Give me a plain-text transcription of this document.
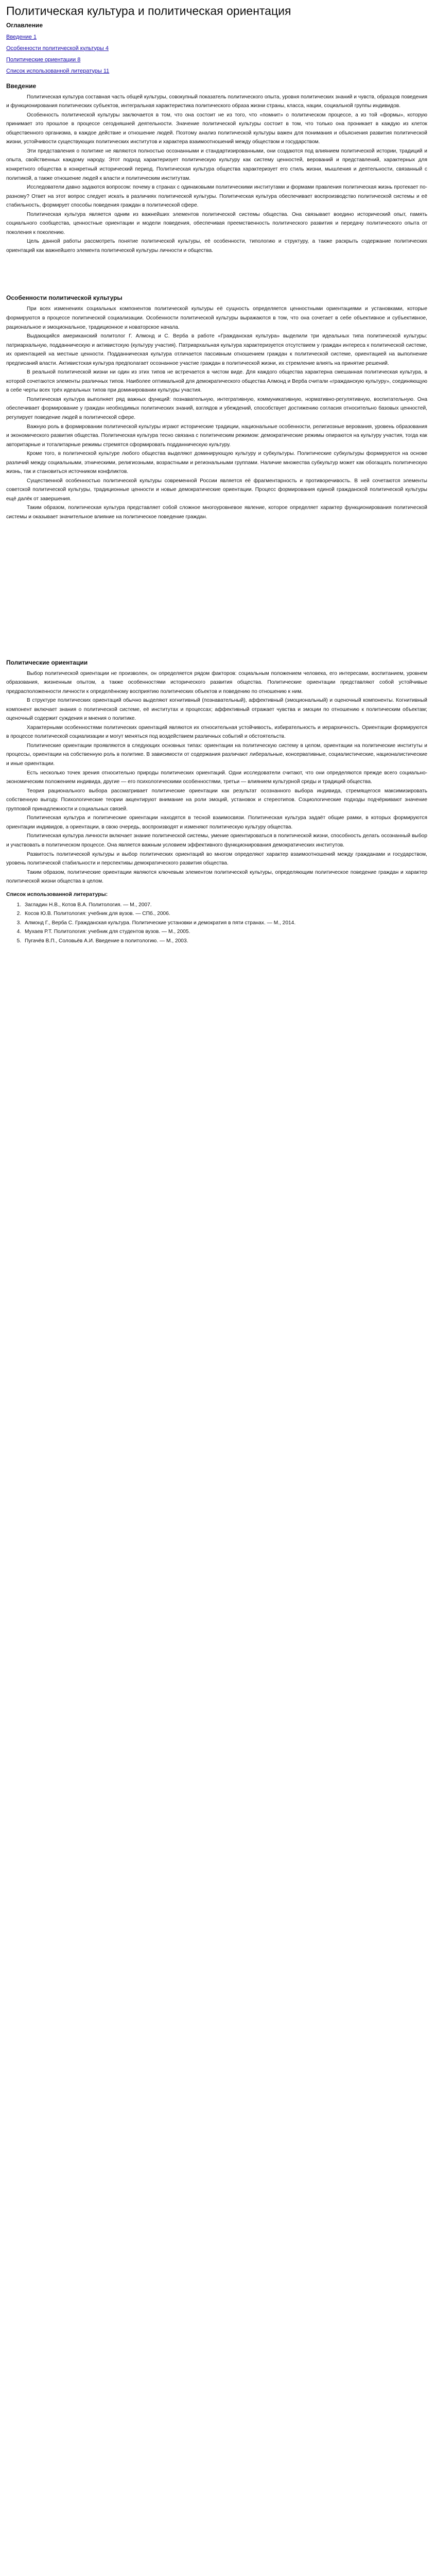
Политическая культура и политическая ориентация
Оглавление
Введение 1
Особенности политической культуры 4
Политические ориентации 8
Список использованной литературы 11
Введение

Политическая культура составная часть общей культуры, совокупный показатель политического опыта, уровня политических знаний и чувств, образцов поведения и функционирования политических субъектов, интегральная характеристика политического образа жизни страны, класса, нации, социальной группы индивидов.

Особенность политической культуры заключается в том, что она состоит не из того, что «помнит» о политическом процессе, а из той «формы», которую принимает это прошлое в процессе сегодняшней деятельности. Значение политической культуры состоит в том, что только она проникает в каждую из клеток общественного организма, в каждое действие и отношение людей. Поэтому анализ политической культуры важен для понимания и объяснения развития политической жизни, устойчивости существующих политических институтов и характера взаимоотношений между обществом и государством.

Эти представления о политике не являются полностью осознанными и стандартизированными, они создаются под влиянием политической истории, традиций и опыта, свойственных каждому народу. Этот подход характеризует политическую культуру как систему ценностей, верований и представлений, характерных для конкретного общества в конкретный исторический период. Политическая культура общества характеризует его стиль жизни, мышления и деятельности, связанный с политикой, а также отношение людей к власти и политическим институтам.

Исследователи давно задаются вопросом: почему в странах с одинаковыми политическими институтами и формами правления политическая жизнь протекает по-разному? Ответ на этот вопрос следует искать в различиях политической культуры. Политическая культура обеспечивает воспроизводство политической системы и её стабильность, формирует способы поведения граждан в политической сфере.

Политическая культура является одним из важнейших элементов политической системы общества. Она связывает воедино исторический опыт, память социального сообщества, ценностные ориентации и модели поведения, обеспечивая преемственность политического развития и передачу политического опыта от поколения к поколению.

Цель данной работы рассмотреть понятие политической культуры, её особенности, типологию и структуру, а также раскрыть содержание политических ориентаций как важнейшего элемента политической культуры личности и общества.

Особенности политической культуры

При всех изменениях социальных компонентов политической культуры её сущность определяется ценностными ориентациями и установками, которые формируются в процессе политической социализации. Особенности политической культуры выражаются в том, что она сочетает в себе объективное и субъективное, рациональное и эмоциональное, традиционное и новаторское начала.

Выдающийся американский политолог Г. Алмонд и С. Верба в работе «Гражданская культура» выделили три идеальных типа политической культуры: патриархальную, подданническую и активистскую (культуру участия). Патриархальная культура характеризуется отсутствием у граждан интереса к политической системе, их ориентацией на местные ценности. Подданническая культура отличается пассивным отношением граждан к политической системе, ориентацией на выполнение предписаний власти. Активистская культура предполагает осознанное участие граждан в политической жизни, их стремление влиять на принятие решений.

В реальной политической жизни ни один из этих типов не встречается в чистом виде. Для каждого общества характерна смешанная политическая культура, в которой сочетаются элементы различных типов. Наиболее оптимальной для демократического общества Алмонд и Верба считали «гражданскую культуру», соединяющую в себе черты всех трёх идеальных типов при доминировании культуры участия.

Политическая культура выполняет ряд важных функций: познавательную, интегративную, коммуникативную, нормативно-регулятивную, воспитательную. Она обеспечивает формирование у граждан необходимых политических знаний, взглядов и убеждений, способствует достижению согласия относительно базовых ценностей, регулирует поведение людей в политической сфере.

Важную роль в формировании политической культуры играют исторические традиции, национальные особенности, религиозные верования, уровень образования и экономического развития общества. Политическая культура тесно связана с политическим режимом: демократические режимы опираются на культуру участия, тогда как авторитарные и тоталитарные режимы стремятся сформировать подданническую культуру.

Кроме того, в политической культуре любого общества выделяют доминирующую культуру и субкультуры. Политические субкультуры формируются на основе различий между социальными, этническими, религиозными, возрастными и региональными группами. Наличие множества субкультур может как обогащать политическую жизнь, так и становиться источником конфликтов.

Существенной особенностью политической культуры современной России является её фрагментарность и противоречивость. В ней сочетаются элементы советской политической культуры, традиционные ценности и новые демократические ориентации. Процесс формирования единой гражданской политической культуры ещё далёк от завершения.

Таким образом, политическая культура представляет собой сложное многоуровневое явление, которое определяет характер функционирования политической системы и оказывает значительное влияние на политическое поведение граждан.

Политические ориентации

Выбор политической ориентации не произволен, он определяется рядом факторов: социальным положением человека, его интересами, воспитанием, уровнем образования, жизненным опытом, а также особенностями исторического развития общества. Политические ориентации представляют собой устойчивые предрасположенности личности к определённому восприятию политических объектов и поведению по отношению к ним.

В структуре политических ориентаций обычно выделяют когнитивный (познавательный), аффективный (эмоциональный) и оценочный компоненты. Когнитивный компонент включает знания о политической системе, её институтах и процессах; аффективный отражает чувства и эмоции по отношению к политическим объектам; оценочный содержит суждения и мнения о политике.

Характерными особенностями политических ориентаций являются их относительная устойчивость, избирательность и иерархичность. Ориентации формируются в процессе политической социализации и могут меняться под воздействием различных событий и обстоятельств.

Политические ориентации проявляются в следующих основных типах: ориентации на политическую систему в целом, ориентации на политические институты и процессы, ориентации на собственную роль в политике. В зависимости от содержания различают либеральные, консервативные, социалистические, националистические и иные ориентации.

Есть несколько точек зрения относительно природы политических ориентаций. Одни исследователи считают, что они определяются прежде всего социально-экономическим положением индивида, другие — его психологическими особенностями, третьи — влиянием культурной среды и традиций общества.

Теория рационального выбора рассматривает политические ориентации как результат осознанного выбора индивида, стремящегося максимизировать собственную выгоду. Психологические теории акцентируют внимание на роли эмоций, установок и стереотипов. Социологические подходы подчёркивают значение групповой принадлежности и социальных связей.

Политическая культура и политические ориентации находятся в тесной взаимосвязи. Политическая культура задаёт общие рамки, в которых формируются ориентации индивидов, а ориентации, в свою очередь, воспроизводят и изменяют политическую культуру общества.

Политическая культура личности включает знание политической системы, умение ориентироваться в политической жизни, способность делать осознанный выбор и участвовать в политическом процессе. Она является важным условием эффективного функционирования демократических институтов.

Развитость политической культуры и выбор политических ориентаций во многом определяют характер взаимоотношений между гражданами и государством, уровень политической стабильности и перспективы демократического развития общества.

Таким образом, политические ориентации являются ключевым элементом политической культуры, определяющим политическое поведение граждан и характер политической жизни общества в целом.

Список использованной литературы:
1. Загладин Н.В., Котов В.А. Политология. — М., 2007.
2. Косов Ю.В. Политология: учебник для вузов. — СПб., 2006.
3. Алмонд Г., Верба С. Гражданская культура. Политические установки и демократия в пяти странах. — М., 2014.
4. Мухаев Р.Т. Политология: учебник для студентов вузов. — М., 2005.
5. Пугачёв В.П., Соловьёв А.И. Введение в политологию. — М., 2003.
